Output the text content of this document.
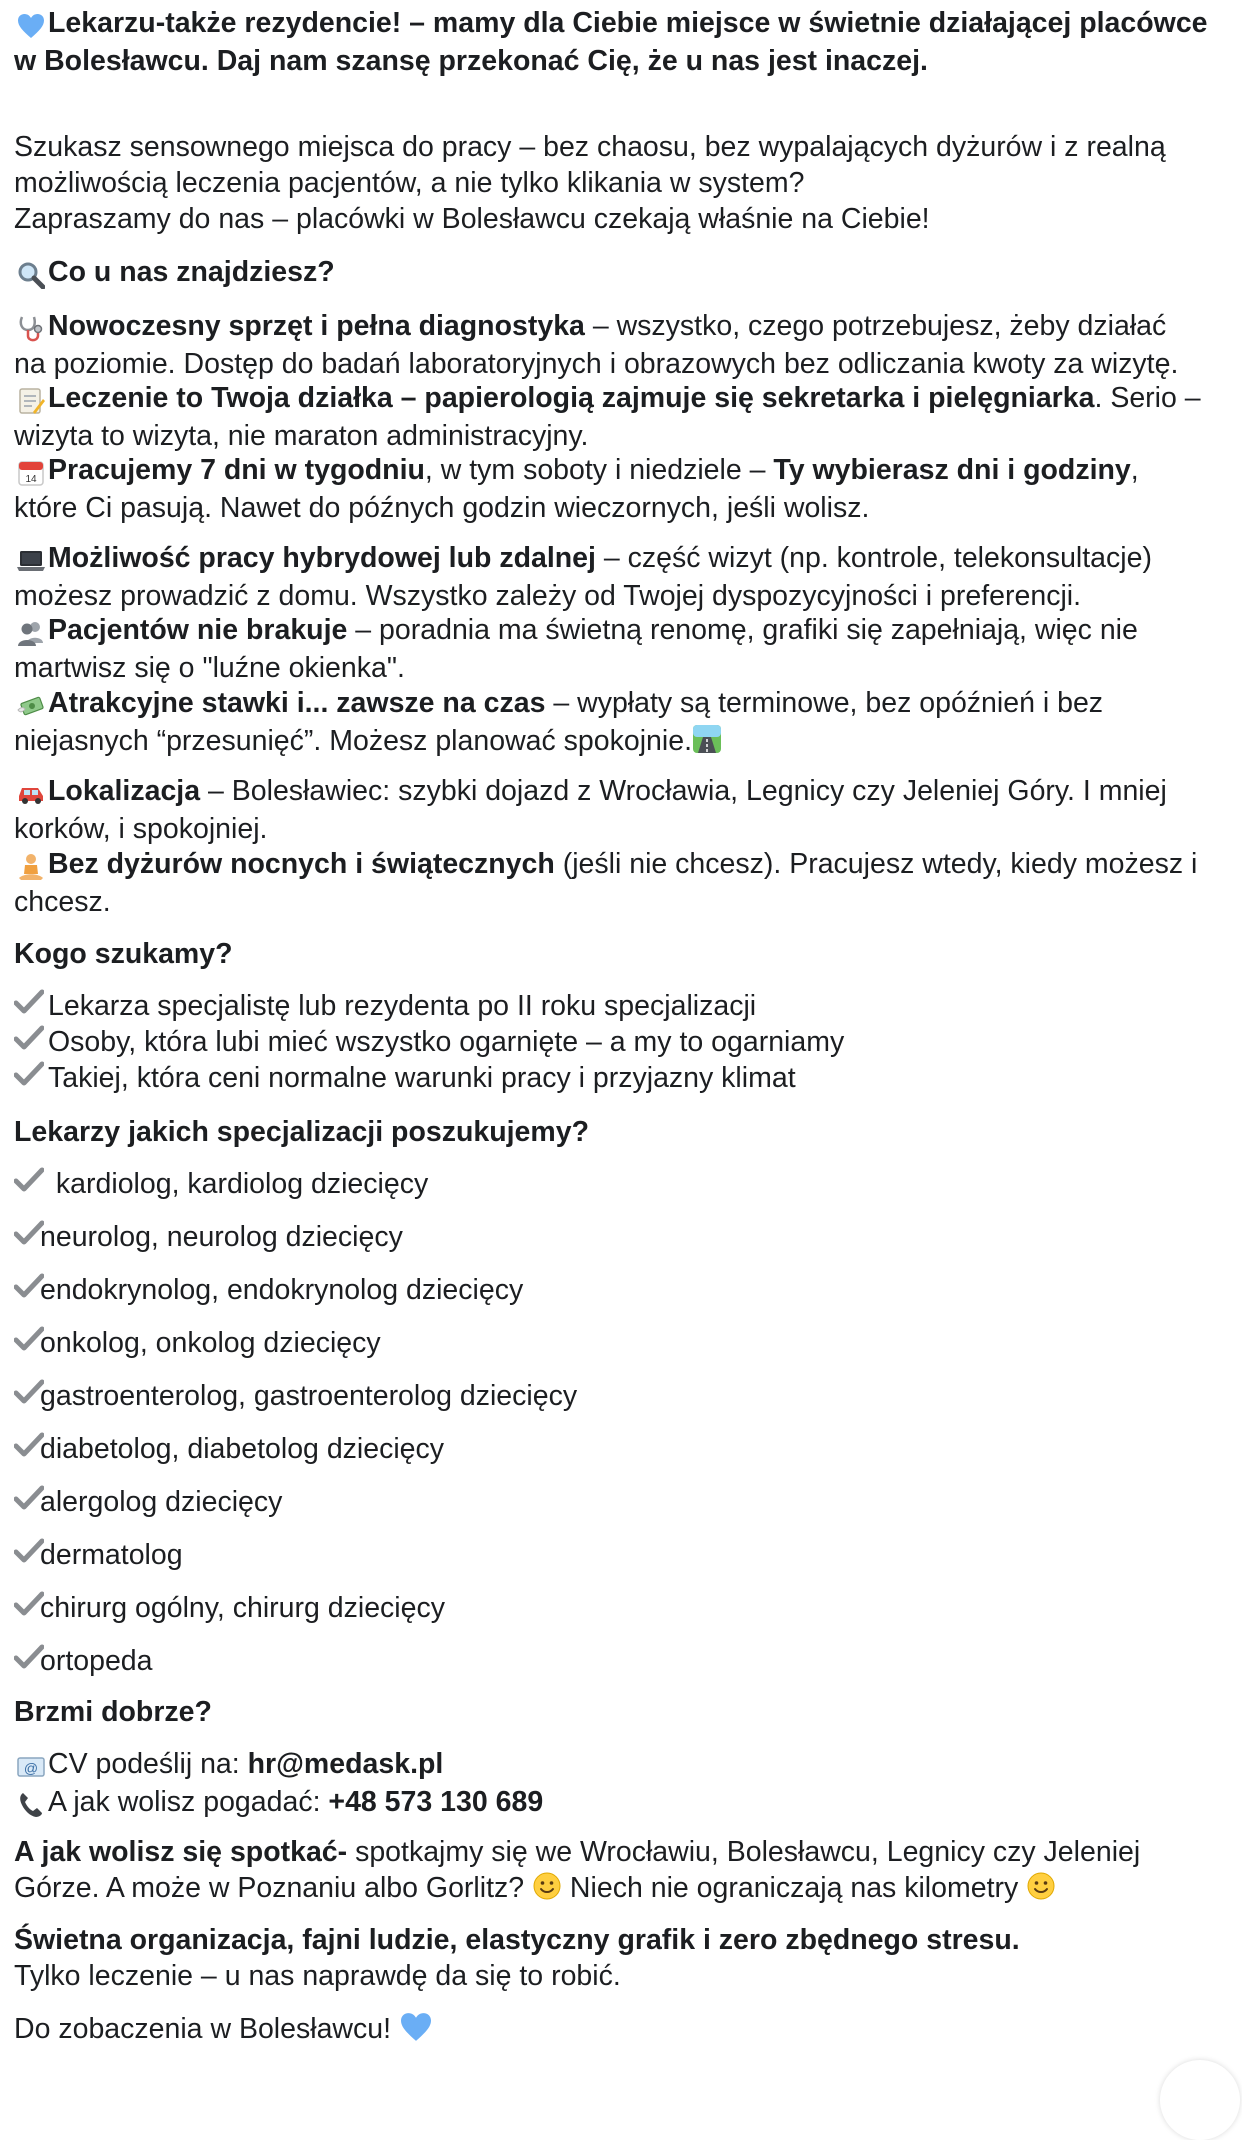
Lekarzu-także rezydencie! – mamy dla Ciebie miejsce w świetnie działającej placówce
w Bolesławcu. Daj nam szansę przekonać Cię, że u nas jest inaczej.
Szukasz sensownego miejsca do pracy – bez chaosu, bez wypalających dyżurów i z realną
możliwością leczenia pacjentów, a nie tylko klikania w system?
Zapraszamy do nas – placówki w Bolesławcu czekają właśnie na Ciebie!
Co u nas znajdziesz?
Nowoczesny sprzęt i pełna diagnostyka – wszystko, czego potrzebujesz, żeby działać
na poziomie. Dostęp do badań laboratoryjnych i obrazowych bez odliczania kwoty za wizytę.
Leczenie to Twoja działka – papierologią zajmuje się sekretarka i pielęgniarka. Serio –
wizyta to wizyta, nie maraton administracyjny.
14 Pracujemy 7 dni w tygodniu, w tym soboty i niedziele – Ty wybierasz dni i godziny,
które Ci pasują. Nawet do późnych godzin wieczornych, jeśli wolisz.
Możliwość pracy hybrydowej lub zdalnej – część wizyt (np. kontrole, telekonsultacje)
możesz prowadzić z domu. Wszystko zależy od Twojej dyspozycyjności i preferencji.
Pacjentów nie brakuje – poradnia ma świetną renomę, grafiki się zapełniają, więc nie
martwisz się o "luźne okienka".
Atrakcyjne stawki i... zawsze na czas – wypłaty są terminowe, bez opóźnień i bez
niejasnych “przesunięć”. Możesz planować spokojnie.
Lokalizacja – Bolesławiec: szybki dojazd z Wrocławia, Legnicy czy Jeleniej Góry. I mniej
korków, i spokojniej.
Bez dyżurów nocnych i świątecznych (jeśli nie chcesz). Pracujesz wtedy, kiedy możesz i
chcesz.
Kogo szukamy?
Lekarza specjalistę lub rezydenta po II roku specjalizacji
Osoby, która lubi mieć wszystko ogarnięte – a my to ogarniamy
Takiej, która ceni normalne warunki pracy i przyjazny klimat
Lekarzy jakich specjalizacji poszukujemy?
kardiolog, kardiolog dziecięcy
neurolog, neurolog dziecięcy
endokrynolog, endokrynolog dziecięcy
onkolog, onkolog dziecięcy
gastroenterolog, gastroenterolog dziecięcy
diabetolog, diabetolog dziecięcy
alergolog dziecięcy
dermatolog
chirurg ogólny, chirurg dziecięcy
ortopeda
Brzmi dobrze?
@ CV podeślij na: hr@medask.pl
A jak wolisz pogadać: +48 573 130 689
A jak wolisz się spotkać- spotkajmy się we Wrocławiu, Bolesławcu, Legnicy czy Jeleniej
Górze. A może w Poznaniu albo Gorlitz?  Niech nie ograniczają nas kilometry
Świetna organizacja, fajni ludzie, elastyczny grafik i zero zbędnego stresu.
Tylko leczenie – u nas naprawdę da się to robić.
Do zobaczenia w Bolesławcu!
